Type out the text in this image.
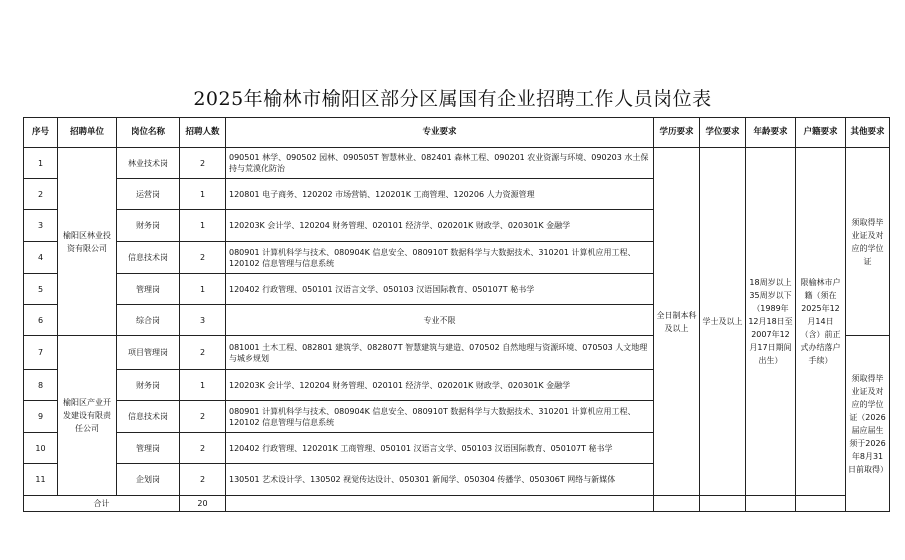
2025年榆林市榆阳区部分区属国有企业招聘工作人员岗位表
序号	招聘单位	岗位名称	招聘人数	专业要求	学历要求	学位要求	年龄要求	户籍要求	其他要求
1	榆阳区林业投资有限公司	林业技术岗	2	090501 林学、090502 园林、090505T 智慧林业、082401 森林工程、090201 农业资源与环境、090203 水土保持与荒漠化防治	全日制本科及以上	学士及以上	18周岁以上35周岁以下（1989年12月18日至2007年12月17日期间出生）	限榆林市户籍（须在2025年12月14日（含）前正式办结落户手续）	须取得毕业证及对应的学位证
2		运营岗	1	120801 电子商务、120202 市场营销、120201K 工商管理、120206 人力资源管理					
3		财务岗	1	120203K 会计学、120204 财务管理、020101 经济学、020201K 财政学、020301K 金融学					
4		信息技术岗	2	080901 计算机科学与技术、080904K 信息安全、080910T 数据科学与大数据技术、310201 计算机应用工程、120102 信息管理与信息系统					
5		管理岗	1	120402 行政管理、050101 汉语言文学、050103 汉语国际教育、050107T 秘书学					
6		综合岗	3	专业不限					
7	榆阳区产业开发建设有限责任公司	项目管理岗	2	081001 土木工程、082801 建筑学、082807T 智慧建筑与建造、070502 自然地理与资源环境、070503 人文地理与城乡规划					须取得毕业证及对应的学位证（2026届应届生须于2026年8月31日前取得）
8		财务岗	1	120203K 会计学、120204 财务管理、020101 经济学、020201K 财政学、020301K 金融学					
9		信息技术岗	2	080901 计算机科学与技术、080904K 信息安全、080910T 数据科学与大数据技术、310201 计算机应用工程、120102 信息管理与信息系统					
10		管理岗	2	120402 行政管理、120201K 工商管理、050101 汉语言文学、050103 汉语国际教育、050107T 秘书学					
11		企划岗	2	130501 艺术设计学、130502 视觉传达设计、050301 新闻学、050304 传播学、050306T 网络与新媒体					
合计			20						
